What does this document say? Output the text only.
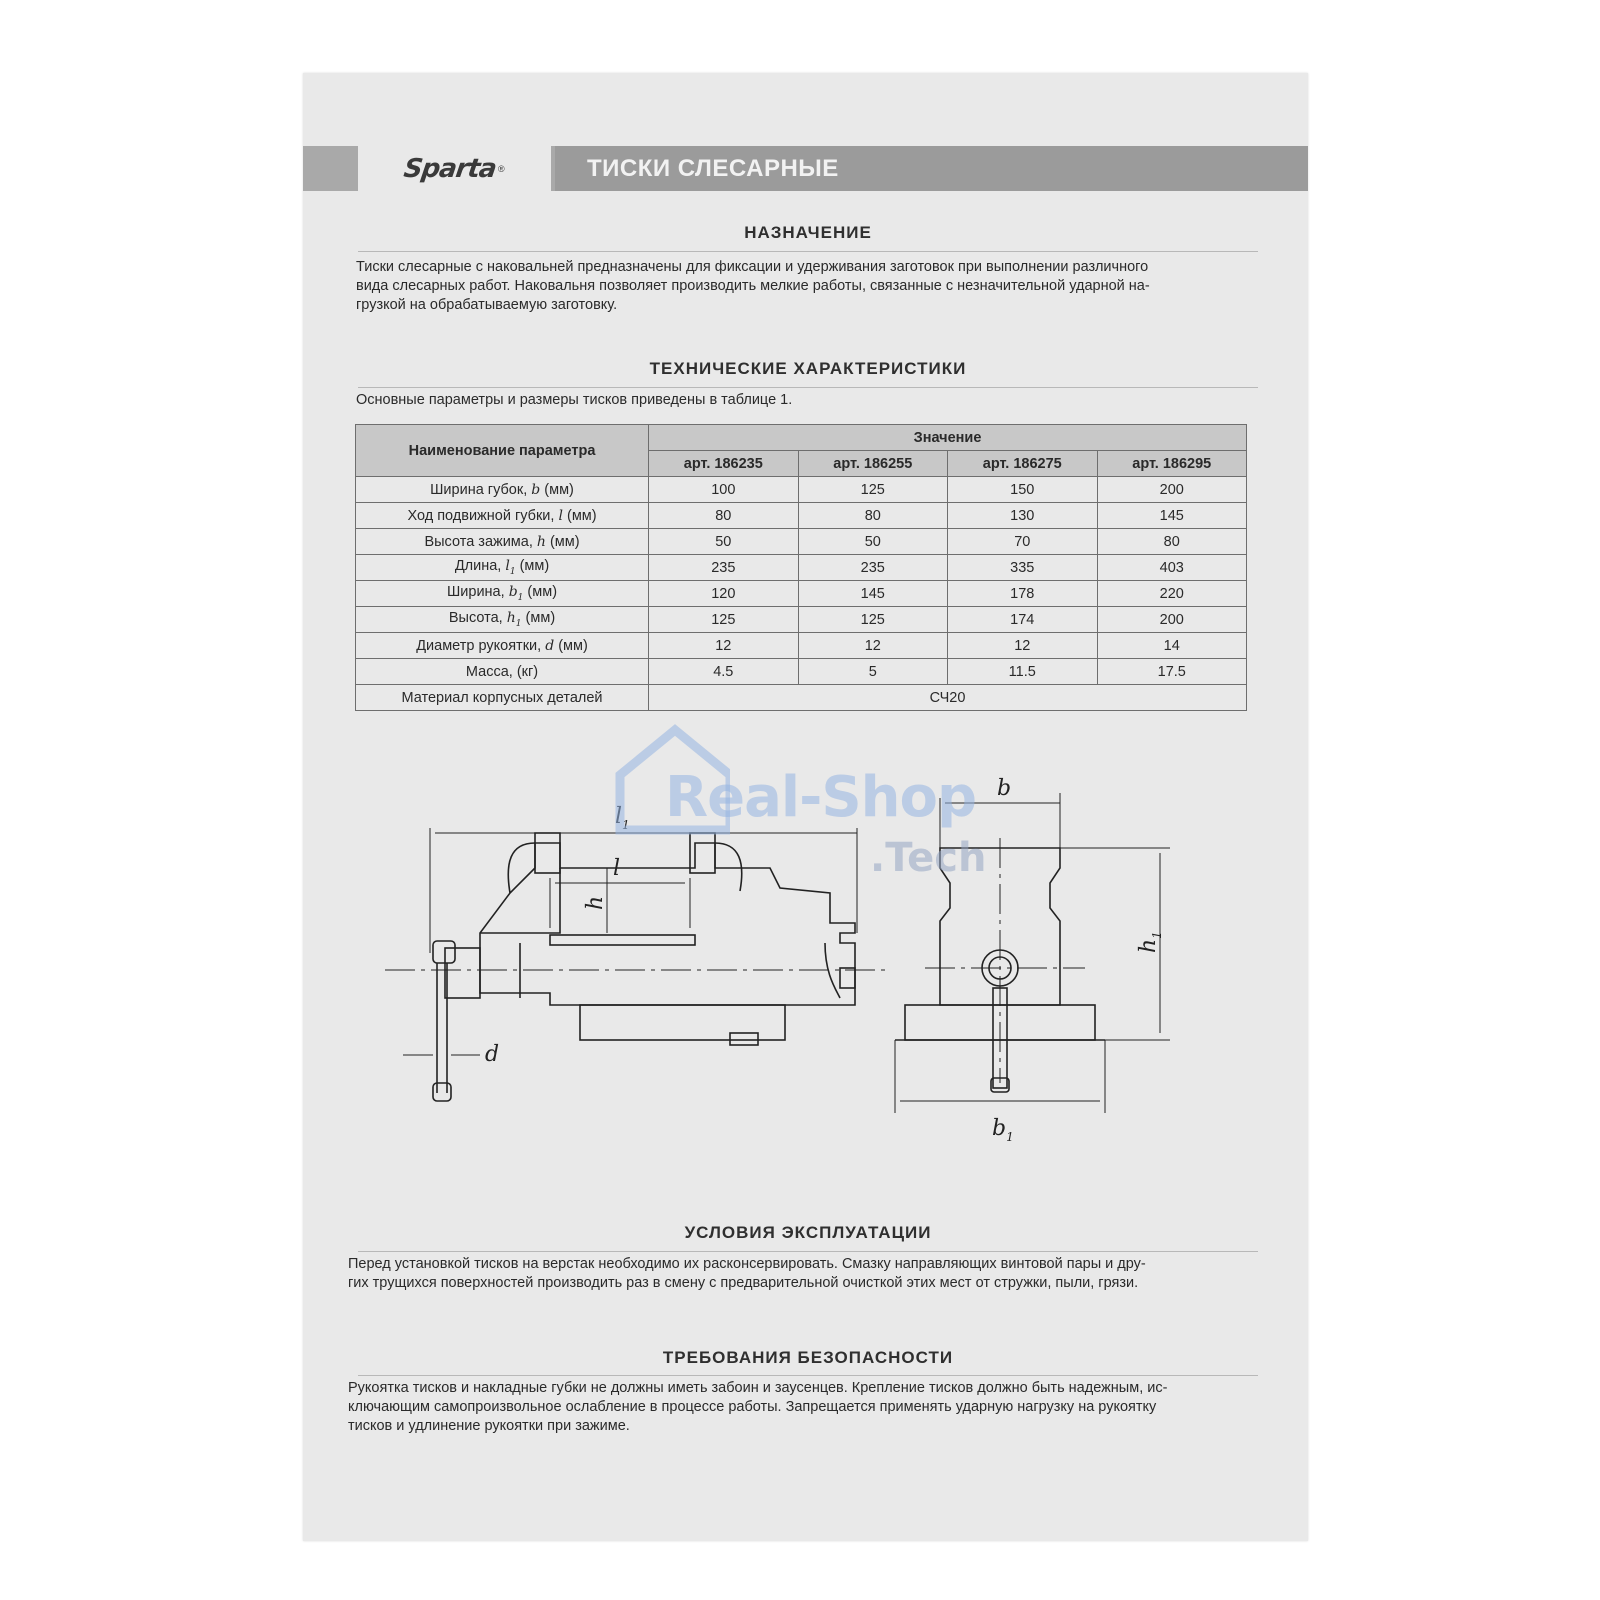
Sparta ®	ТИСКИ СЛЕСАРНЫЕ
НАЗНАЧЕНИЕ
Тиски слесарные с наковальней предназначены для фиксации и удерживания заготовок при выполнении различного
вида слесарных работ. Наковальня позволяет производить мелкие работы, связанные с незначительной ударной на-
грузкой на обрабатываемую заготовку.
ТЕХНИЧЕСКИЕ ХАРАКТЕРИСТИКИ
Основные параметры и размеры тисков приведены в таблице 1.
Наименование параметра	Значение			
	арт. 186235	арт. 186255	арт. 186275	арт. 186295
Ширина губок, b (мм)	100	125	150	200
Ход подвижной губки, l (мм)	80	80	130	145
Высота зажима, h (мм)	50	50	70	80
Длина, $l_1$ (мм)	235	235	335	403
Ширина, $b_1$ (мм)	120	145	178	220
Высота, $h_1$ (мм)	125	125	174	200
Диаметр рукоятки, d (мм)	12	12	12	14
Масса, (кг)	4.5	5	11.5	17.5
Материал корпусных деталей	СЧ20			
$l_1$
l
h
d
b
$h_1$
$b_1$
Real-Shop
.Tech
УСЛОВИЯ ЭКСПЛУАТАЦИИ
Перед установкой тисков на верстак необходимо их расконсервировать. Смазку направляющих винтовой пары и дру-
гих трущихся поверхностей производить раз в смену с предварительной очисткой этих мест от стружки, пыли, грязи.
ТРЕБОВАНИЯ БЕЗОПАСНОСТИ
Рукоятка тисков и накладные губки не должны иметь забоин и заусенцев. Крепление тисков должно быть надежным, ис-
ключающим самопроизвольное ослабление в процессе работы. Запрещается применять ударную нагрузку на рукоятку
тисков и удлинение рукоятки при зажиме.
